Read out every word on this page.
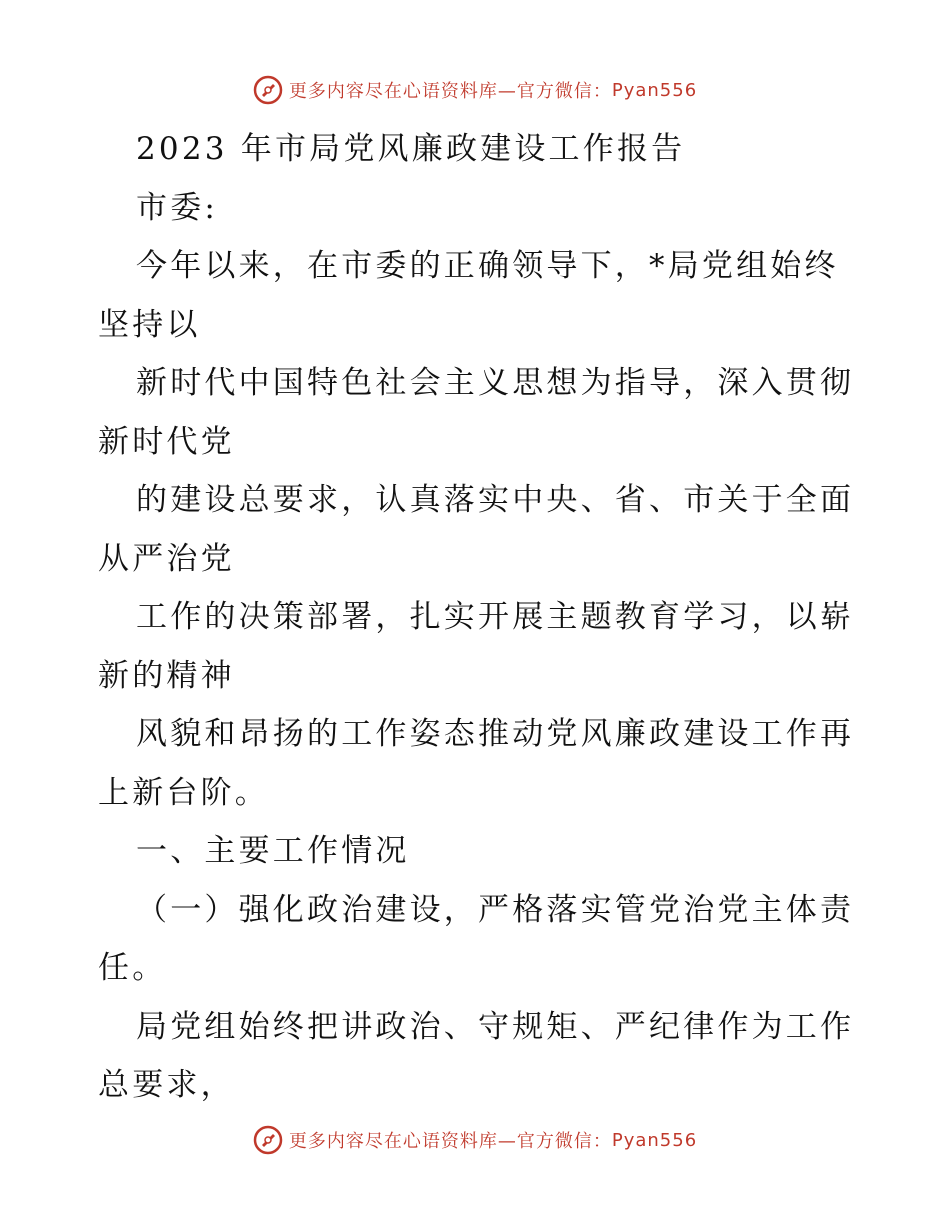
更多内容尽在心语资料库—官方微信： Pyan556
2023 年市局党风廉政建设工作报告
市委:
今年以来，在市委的正确领导下，*局党组始终
坚持以
新时代中国特色社会主义思想为指导，深入贯彻
新时代党
的建设总要求，认真落实中央、省、市关于全面
从严治党
工作的决策部署，扎实开展主题教育学习，以崭
新的精神
风貌和昂扬的工作姿态推动党风廉政建设工作再
上新台阶。
一、主要工作情况
（一）强化政治建设，严格落实管党治党主体责
任。
局党组始终把讲政治、守规矩、严纪律作为工作
总要求，
更多内容尽在心语资料库—官方微信： Pyan556
